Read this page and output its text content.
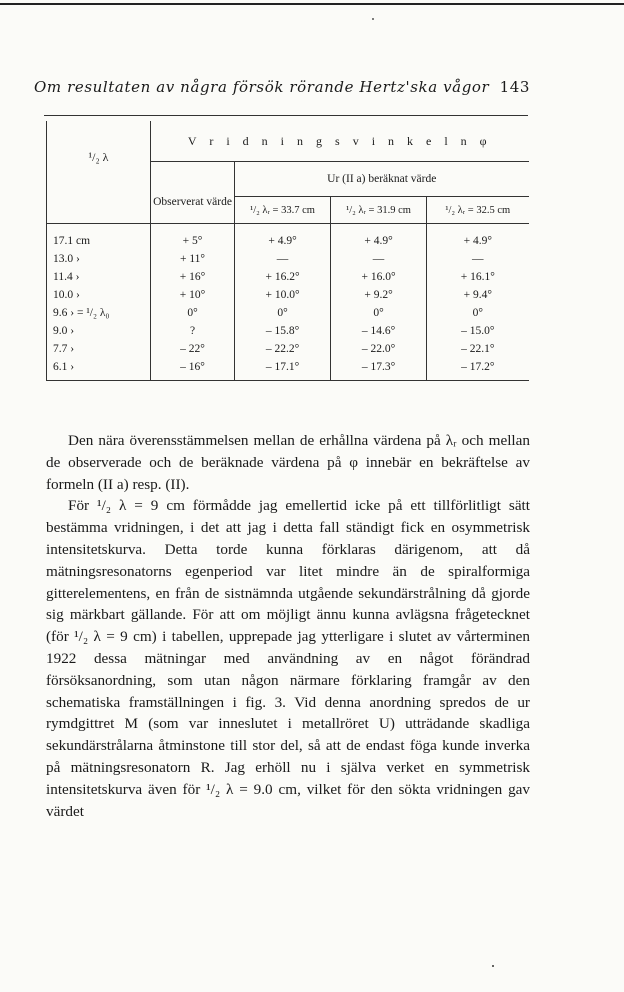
Om resultaten av några försök rörande Hertz'ska vågor 143
¹/₂ λ	V r i d n i n g s v i n k e l n φ			
	Observerat värde	Ur (II a) beräknat värde		
		¹/₂ λᵣ = 33.7 cm	¹/₂ λᵣ = 31.9 cm	¹/₂ λᵣ = 32.5 cm
17.1 cm	+ 5°	+ 4.9°	+ 4.9°	+ 4.9°
13.0 ›	+ 11°	—	—	—
11.4 ›	+ 16°	+ 16.2°	+ 16.0°	+ 16.1°
10.0 ›	+ 10°	+ 10.0°	+ 9.2°	+ 9.4°
9.6 › = ¹/₂ λ₀	0°	0°	0°	0°
9.0 ›	?	– 15.8°	– 14.6°	– 15.0°
7.7 ›	– 22°	– 22.2°	– 22.0°	– 22.1°
6.1 ›	– 16°	– 17.1°	– 17.3°	– 17.2°

Den nära överensstämmelsen mellan de erhållna värdena på λᵣ och mellan de observerade och de beräknade värdena på φ innebär en bekräftelse av formeln (II a) resp. (II).

För ¹/₂ λ = 9 cm förmådde jag emellertid icke på ett tillförlitligt sätt bestämma vridningen, i det att jag i detta fall ständigt fick en osymmetrisk intensitetskurva. Detta torde kunna förklaras därigenom, att då mätningsresonatorns egenperiod var litet mindre än de spiralformiga gitterelementens, en från de sistnämnda utgående sekundärstrålning då gjorde sig märkbart gällande. För att om möjligt ännu kunna avlägsna frågetecknet (för ¹/₂ λ = 9 cm) i tabellen, upprepade jag ytterligare i slutet av vårterminen 1922 dessa mätningar med användning av en något förändrad försöksanordning, som utan någon närmare förklaring framgår av den schematiska framställningen i fig. 3. Vid denna anordning spredos de ur rymdgittret M (som var inneslutet i metallröret U) utträdande skadliga sekundärstrålarna åtminstone till stor del, så att de endast föga kunde inverka på mätningsresonatorn R. Jag erhöll nu i själva verket en symmetrisk intensitetskurva även för ¹/₂ λ = 9.0 cm, vilket för den sökta vridningen gav värdet
